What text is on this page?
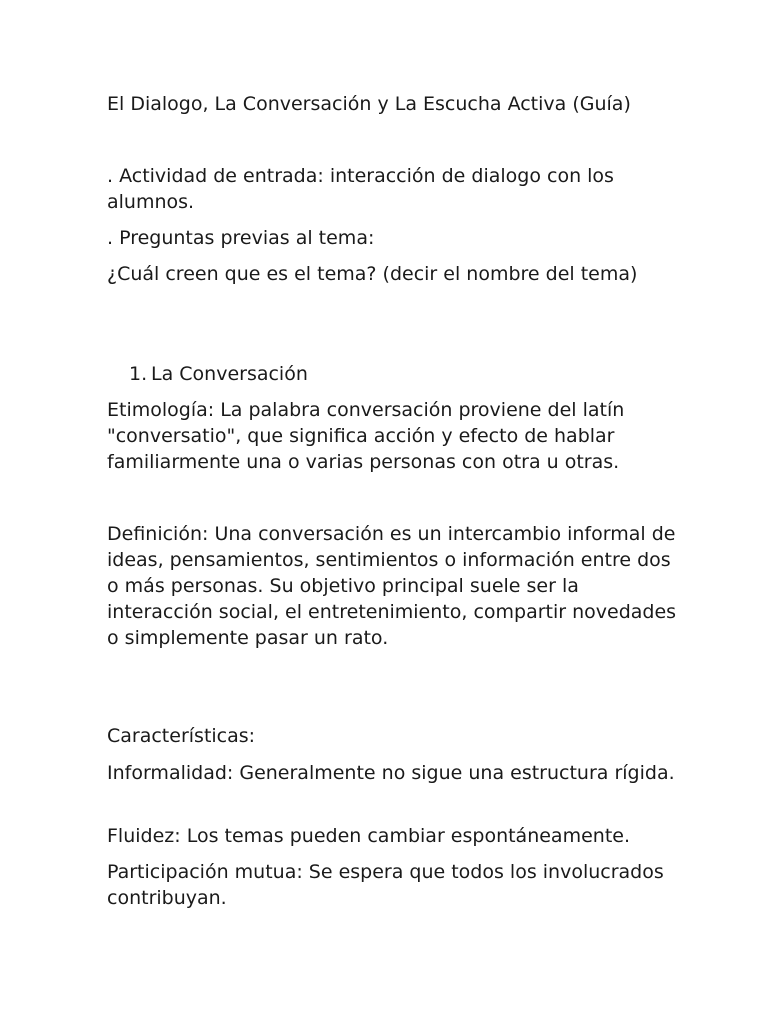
El Dialogo, La Conversación y La Escucha Activa (Guía)

. Actividad de entrada: interacción de dialogo con los alumnos.

. Preguntas previas al tema:

¿Cuál creen que es el tema? (decir el nombre del tema)

1. La Conversación

Etimología: La palabra conversación proviene del latín "conversatio", que significa acción y efecto de hablar familiarmente una o varias personas con otra u otras.

Definición: Una conversación es un intercambio informal de ideas, pensamientos, sentimientos o información entre dos o más personas. Su objetivo principal suele ser la interacción social, el entretenimiento, compartir novedades o simplemente pasar un rato.

Características:

Informalidad: Generalmente no sigue una estructura rígida.

Fluidez: Los temas pueden cambiar espontáneamente.

Participación mutua: Se espera que todos los involucrados contribuyan.
